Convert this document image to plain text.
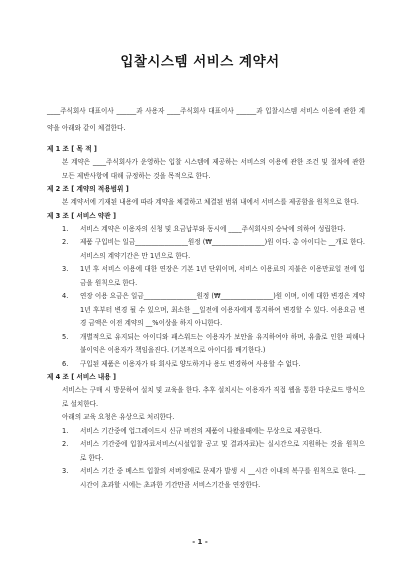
입찰시스템 서비스 계약서
____주식회사 대표이사 ______과 사용자 ____주식회사 대표이사 ______과 입찰시스템 서비스 이용에 관한 계약을 아래와 같이 체결한다.
제 1 조 [ 목 적 ]
본 계약은 ____주식회사가 운영하는 입찰 시스템에 제공하는 서비스의 이용에 관한 조건 및 절차에 관한 모든 제반사항에 대해 규정하는 것을 목적으로 한다.
제 2 조 [ 계약의 적용범위 ]
본 계약서에 기재된 내용에 따라 계약을 체결하고 체결된 범위 내에서 서비스를 제공함을 원칙으로 한다.
제 3 조 [ 서비스 약관 ]
1. 서비스 계약은 이용자의 신청 및 요금납부와 동시에 ____주식회사의 승낙에 의하여 성립한다.
2. 제품 구입비는 일금________________원정 (₩________________)원 이다. 총 아이디는 __개로 한다. 서비스의 계약기간은 만 1년으로 한다.
3. 1년 후 서비스 이용에 대한 연장은 기본 1년 단위이며, 서비스 이용료의 지불은 이용만료일 전에 입금을 원칙으로 한다.
4. 연장 이용 요금은 일금________________원정 (₩________________)원 이며, 이에 대한 변경은 계약 1년 후부터 변경 될 수 있으며, 최소한 __일전에 이용자에게 통지하여 변경할 수 있다. 이용요금 변경 금액은 이전 계약의 __%이상을 하지 아니한다.
5. 개별적으로 유지되는 아이디와 패스워드는 이용자가 보안을 유지하여야 하며, 유출로 인한 피해나 불이익은 이용자가 책임을진다. (기본적으로 아이디를 배기한다.)
6. 구입된 제품은 이용자가 타 회사로 양도하거나 용도 변경하여 사용할 수 없다.
제 4 조 [ 서비스 내용 ]
서비스는 구매 시 방문하여 설치 및 교육을 한다. 추후 설치시는 이용자가 직접 웹을 통한 다운로드 방식으로 설치한다.
아래의 교육 요청은 유상으로 처리한다.
1. 서비스 기간중에 업그레이드시 신규 버전의 제품이 나왔을때에는 무상으로 제공한다.
2. 서비스 기간중에 입찰자료서비스(시설입찰 공고 및 결과자료)는 실시간으로 지원하는 것을 원칙으로 한다.
3. 서비스 기간 중 베스트 입찰의 서버장애로 문제가 발생 시 __시간 이내의 복구를 원칙으로 한다. __시간이 초과할 시에는 초과한 기간만큼 서비스기간을 연장한다.
- 1 -
